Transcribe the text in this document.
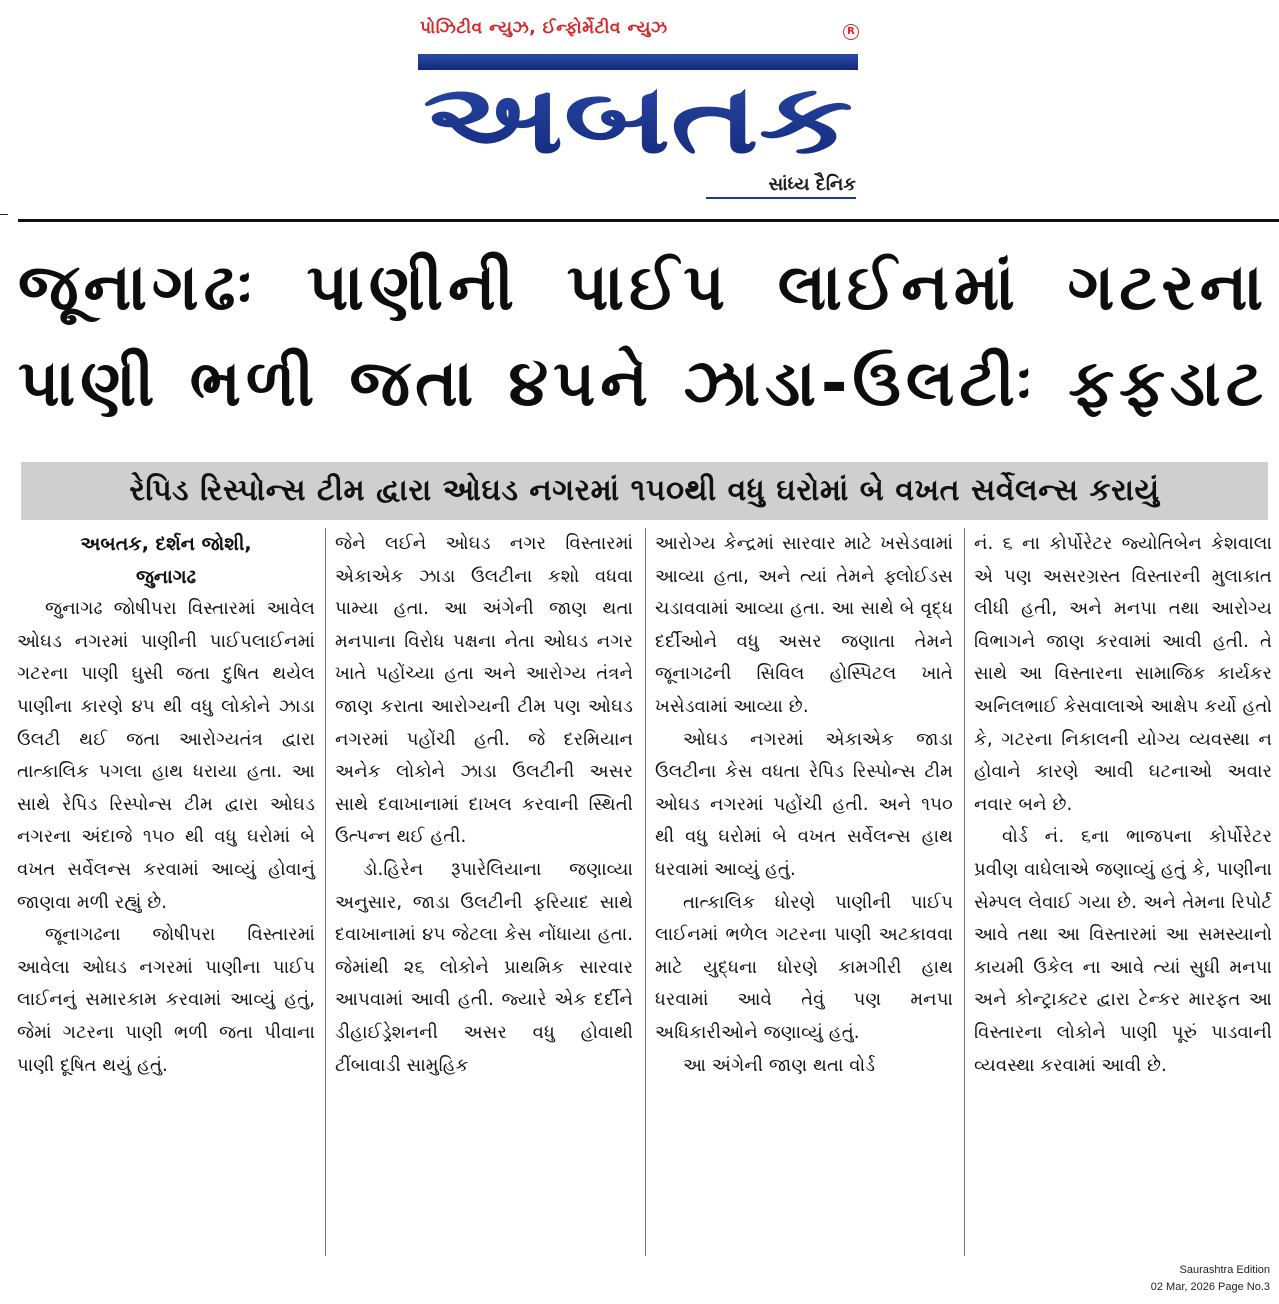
પોઝિટીવ ન્યુઝ, ઈન્ફોર્મેટીવ ન્યુઝ
અબતક
R
સાંધ્ય દૈનિક
જૂનાગઢઃ પાણીની પાઈપ લાઈનમાં ગટરના
પાણી ભળી જતા ૪૫ને ઝાડા-ઉલટીઃ ફફડાટ
રેપિડ રિસ્પોન્સ ટીમ દ્વારા ઓઘડ નગરમાં ૧૫૦થી વધુ ઘરોમાં બે વખત સર્વેલન્સ કરાયું
અબતક, દર્શન જોશી,
જુનાગઢ
જુનાગઢ જોષીપરા વિસ્તારમાં આવેલ ઓઘડ નગરમાં પાણીની પાઈપલાઈનમાં ગટરના પાણી ઘુસી જતા દુષિત થયેલ પાણીના કારણે ૪૫ થી વધુ લોકોને ઝાડા ઉલટી થઈ જતા આરોગ્યતંત્ર દ્વારા તાત્કાલિક પગલા હાથ ધરાયા હતા. આ સાથે રેપિડ રિસ્પોન્સ ટીમ દ્વારા ઓઘડ નગરના અંદાજે ૧૫૦ થી વધુ ઘરોમાં બે વખત સર્વેલન્સ કરવામાં આવ્યું હોવાનું જાણવા મળી રહ્યું છે.
જૂનાગઢના જોષીપરા વિસ્તારમાં આવેલા ઓઘડ નગરમાં પાણીના પાઈપ લાઈનનું સમારકામ કરવામાં આવ્યું હતું, જેમાં ગટરના પાણી ભળી જતા પીવાના પાણી દૂષિત થયું હતું.
જેને લઈને ઓઘડ નગર વિસ્તારમાં એકાએક ઝાડા ઉલટીના કશો વધવા પામ્યા હતા. આ અંગેની જાણ થતા મનપાના વિરોધ પક્ષના નેતા ઓઘડ નગર ખાતે પહોંચ્યા હતા અને આરોગ્ય તંત્રને જાણ કરાતા આરોગ્યની ટીમ પણ ઓઘડ નગરમાં પહોંચી હતી. જે દરમિયાન અનેક લોકોને ઝાડા ઉલટીની અસર સાથે દવાખાનામાં દાખલ કરવાની સ્થિતી ઉત્પન્ન થઈ હતી.
ડો.હિરેન રૂપારેલિયાના જણાવ્યા અનુસાર, જાડા ઉલટીની ફરિયાદ સાથે દવાખાનામાં ૪૫ જેટલા કેસ નોંધાયા હતા. જેમાંથી ૨૬ લોકોને પ્રાથમિક સારવાર આપવામાં આવી હતી. જ્યારે એક દર્દીને ડીહાઈડ્રેશનની અસર વધુ હોવાથી ટીંબાવાડી સામુહિક
આરોગ્ય કેન્દ્રમાં સારવાર માટે ખસેડવામાં આવ્યા હતા, અને ત્યાં તેમને ફ્લોઈડસ ચડાવવામાં આવ્યા હતા. આ સાથે બે વૃદ્ધ દર્દીઓને વધુ અસર જણાતા તેમને જૂનાગઢની સિવિલ હોસ્પિટલ ખાતે ખસેડવામાં આવ્યા છે.
ઓઘડ નગરમાં એકાએક જાડા ઉલટીના કેસ વધતા રેપિડ રિસ્પોન્સ ટીમ ઓઘડ નગરમાં પહોંચી હતી. અને ૧૫૦ થી વધુ ઘરોમાં બે વખત સર્વેલન્સ હાથ ધરવામાં આવ્યું હતું.
તાત્કાલિક ધોરણે પાણીની પાઈપ લાઈનમાં ભળેલ ગટરના પાણી અટકાવવા માટે યુદ્ધના ધોરણે કામગીરી હાથ ધરવામાં આવે તેવું પણ મનપા અધિકારીઓને જણાવ્યું હતું.
આ અંગેની જાણ થતા વોર્ડ
નં. ૬ ના કોર્પોરેટર જ્યોતિબેન કેશવાલા એ પણ અસરગ્રસ્ત વિસ્તારની મુલાકાત લીધી હતી, અને મનપા તથા આરોગ્ય વિભાગને જાણ કરવામાં આવી હતી. તે સાથે આ વિસ્તારના સામાજિક કાર્યકર અનિલભાઈ કેસવાલાએ આક્ષેપ કર્યો હતો કે, ગટરના નિકાલની યોગ્ય વ્યવસ્થા ન હોવાને કારણે આવી ઘટનાઓ અવાર નવાર બને છે.
વોર્ડ નં. ૬ના ભાજપના કોર્પોરેટર પ્રવીણ વાઘેલાએ જણાવ્યું હતું કે, પાણીના સેમ્પલ લેવાઈ ગયા છે. અને તેમના રિપોર્ટ આવે તથા આ વિસ્તારમાં આ સમસ્યાનો કાયમી ઉકેલ ના આવે ત્યાં સુધી મનપા અને કોન્ટ્રાક્ટર દ્વારા ટેન્કર મારફત આ વિસ્તારના લોકોને પાણી પૂરું પાડવાની વ્યવસ્થા કરવામાં આવી છે.
Saurashtra Edition
02 Mar, 2026 Page No.3
